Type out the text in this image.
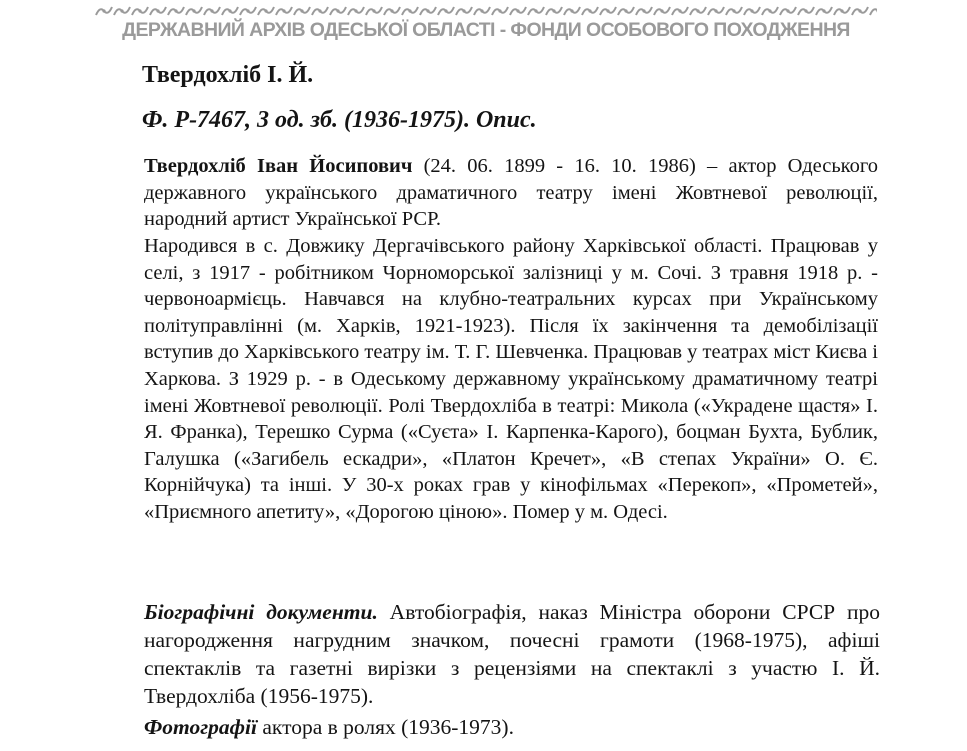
ДЕРЖАВНИЙ АРХІВ ОДЕСЬКОЇ ОБЛАСТІ - ФОНДИ ОСОБОВОГО ПОХОДЖЕННЯ
Твердохліб І. Й.
Ф. Р-7467, 3 од. зб. (1936-1975). Опис.
Твердохліб Іван Йосипович (24. 06. 1899 - 16. 10. 1986) – актор Одеського державного українського драматичного театру імені Жовтневої революції, народний артист Української РСР.
Народився в с. Довжику Дергачівського району Харківської області. Працював у селі, з 1917 - робітником Чорноморської залізниці у м. Сочі. З травня 1918 р. - червоноармієць. Навчався на клубно-театральних курсах при Українському політуправлінні (м. Харків, 1921-1923). Після їх закінчення та демобілізації вступив до Харківського театру ім. Т. Г. Шевченка. Працював у театрах міст Києва і Харкова. З 1929 р. - в Одеському державному українському драматичному театрі імені Жовтневої революції. Ролі Твердохліба в театрі: Микола («Украдене щастя» І. Я. Франка), Терешко Сурма («Суєта» І. Карпенка-Карого), боцман Бухта, Бублик, Галушка («Загибель ескадри», «Платон Кречет», «В степах України» О. Є. Корнійчука) та інші. У 30-х роках грав у кінофільмах «Перекоп», «Прометей», «Приємного апетиту», «Дорогою ціною». Помер у м. Одесі.
Біографічні документи. Автобіографія, наказ Міністра оборони СРСР про нагородження нагрудним значком, почесні грамоти (1968-1975), афіші спектаклів та газетні вирізки з рецензіями на спектаклі з участю І. Й. Твердохліба (1956-1975).
Фотографії актора в ролях (1936-1973).
